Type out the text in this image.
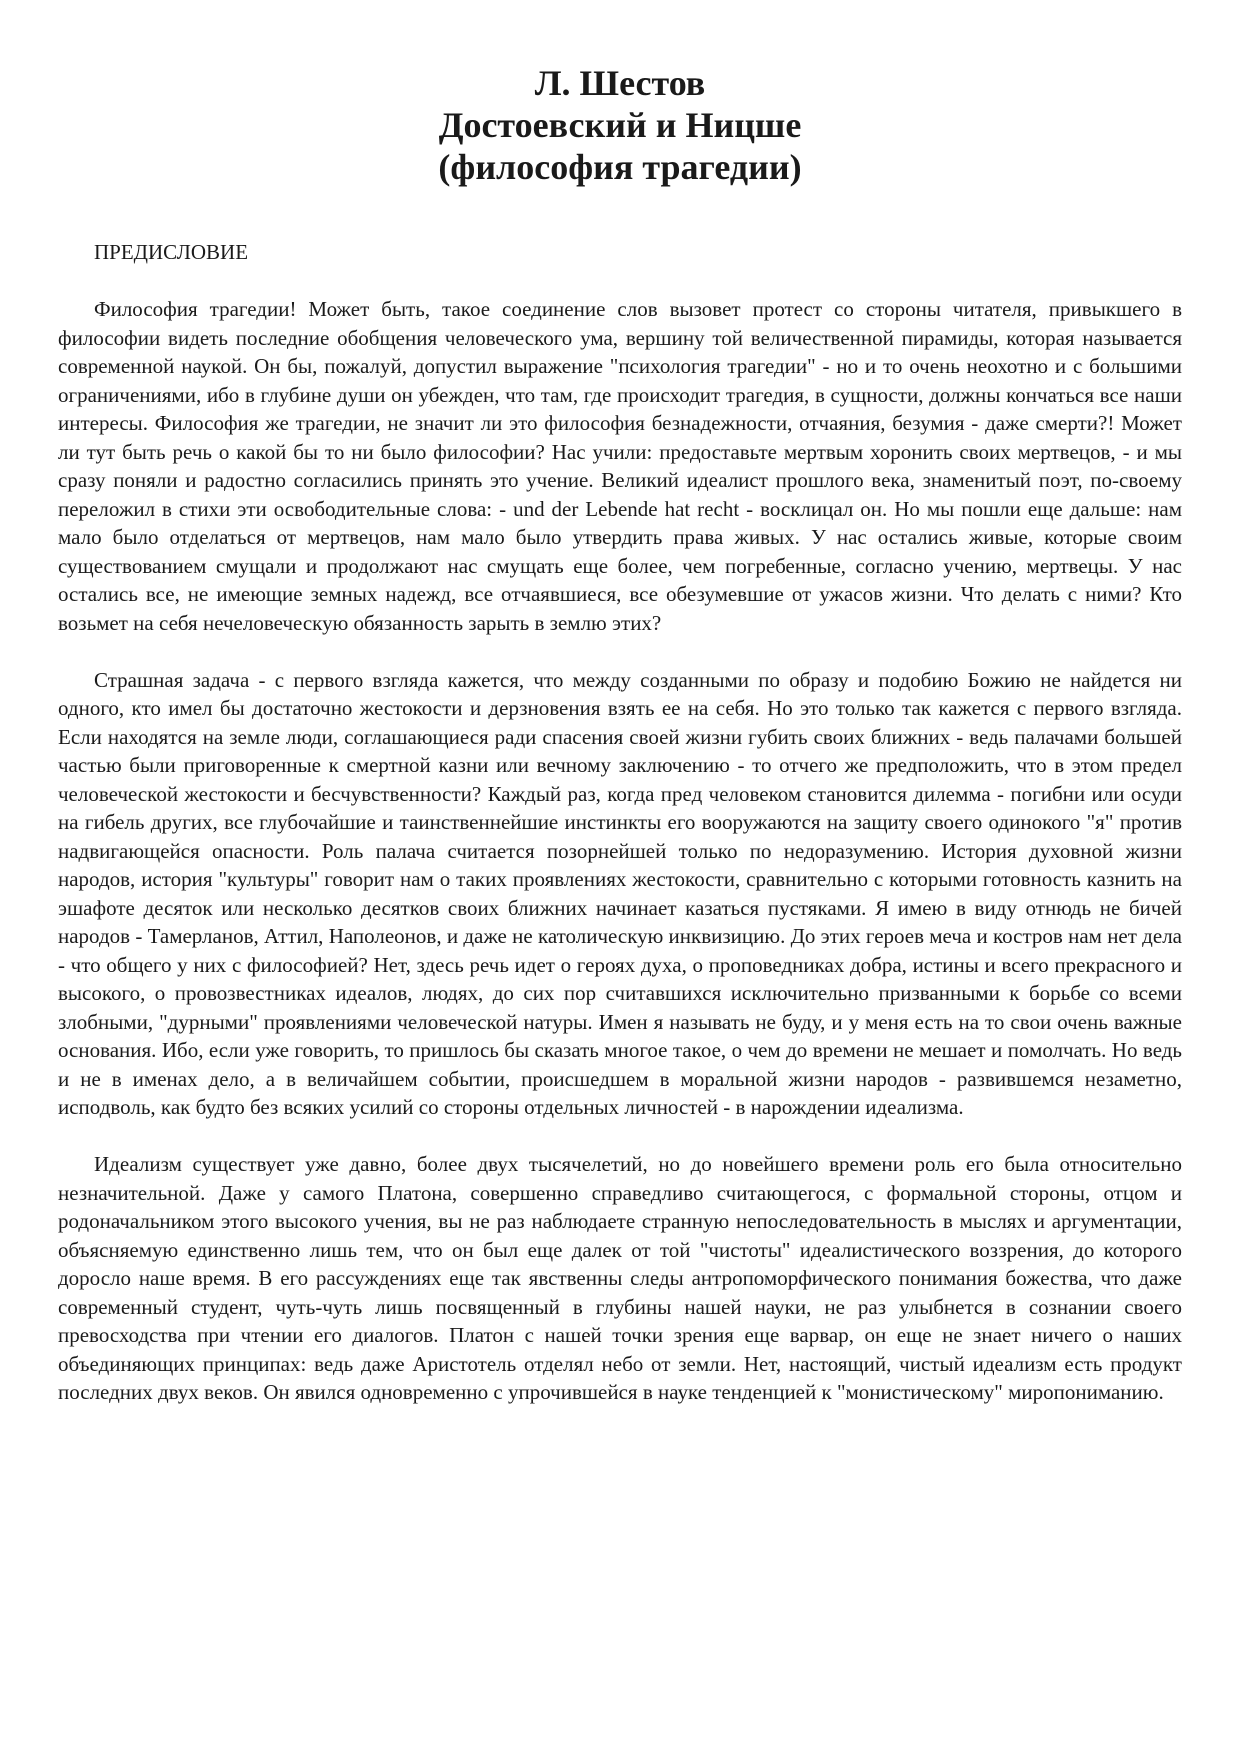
Л. Шестов
Достоевский и Ницше
(философия трагедии)
ПРЕДИСЛОВИЕ

Философия трагедии! Может быть, такое соединение слов вызовет протест со стороны читателя, привыкшего в философии видеть последние обобщения человеческого ума, вершину той величественной пирамиды, которая называется современной наукой. Он бы, пожалуй, допустил выражение "психология трагедии" - но и то очень неохотно и с большими ограничениями, ибо в глубине души он убежден, что там, где происходит трагедия, в сущности, должны кончаться все наши интересы. Философия же трагедии, не значит ли это философия безнадежности, отчаяния, безумия - даже смерти?! Может ли тут быть речь о какой бы то ни было философии? Нас учили: предоставьте мертвым хоронить своих мертвецов, - и мы сразу поняли и радостно согласились принять это учение. Великий идеалист прошлого века, знаменитый поэт, по-своему переложил в стихи эти освободительные слова: - und der Lebende hat recht - восклицал он. Но мы пошли еще дальше: нам мало было отделаться от мертвецов, нам мало было утвердить права живых. У нас остались живые, которые своим существованием смущали и продолжают нас смущать еще более, чем погребенные, согласно учению, мертвецы. У нас остались все, не имеющие земных надежд, все отчаявшиеся, все обезумевшие от ужасов жизни. Что делать с ними? Кто возьмет на себя нечеловеческую обязанность зарыть в землю этих?

Страшная задача - с первого взгляда кажется, что между созданными по образу и подобию Божию не найдется ни одного, кто имел бы достаточно жестокости и дерзновения взять ее на себя. Но это только так кажется с первого взгляда. Если находятся на земле люди, соглашающиеся ради спасения своей жизни губить своих ближних - ведь палачами большей частью были приговоренные к смертной казни или вечному заключению - то отчего же предположить, что в этом предел человеческой жестокости и бесчувственности? Каждый раз, когда пред человеком становится дилемма - погибни или осуди на гибель других, все глубочайшие и таинственнейшие инстинкты его вооружаются на защиту своего одинокого "я" против надвигающейся опасности. Роль палача считается позорнейшей только по недоразумению. История духовной жизни народов, история "культуры" говорит нам о таких проявлениях жестокости, сравнительно с которыми готовность казнить на эшафоте десяток или несколько десятков своих ближних начинает казаться пустяками. Я имею в виду отнюдь не бичей народов - Тамерланов, Аттил, Наполеонов, и даже не католическую инквизицию. До этих героев меча и костров нам нет дела - что общего у них с философией? Нет, здесь речь идет о героях духа, о проповедниках добра, истины и всего прекрасного и высокого, о провозвестниках идеалов, людях, до сих пор считавшихся исключительно призванными к борьбе со всеми злобными, "дурными" проявлениями человеческой натуры. Имен я называть не буду, и у меня есть на то свои очень важные основания. Ибо, если уже говорить, то пришлось бы сказать многое такое, о чем до времени не мешает и помолчать. Но ведь и не в именах дело, а в величайшем событии, происшедшем в моральной жизни народов - развившемся незаметно, исподволь, как будто без всяких усилий со стороны отдельных личностей - в нарождении идеализма.

Идеализм существует уже давно, более двух тысячелетий, но до новейшего времени роль его была относительно незначительной. Даже у самого Платона, совершенно справедливо считающегося, с формальной стороны, отцом и родоначальником этого высокого учения, вы не раз наблюдаете странную непоследовательность в мыслях и аргументации, объясняемую единственно лишь тем, что он был еще далек от той "чистоты" идеалистического воззрения, до которого доросло наше время. В его рассуждениях еще так явственны следы антропоморфического понимания божества, что даже современный студент, чуть-чуть лишь посвященный в глубины нашей науки, не раз улыбнется в сознании своего превосходства при чтении его диалогов. Платон с нашей точки зрения еще варвар, он еще не знает ничего о наших объединяющих принципах: ведь даже Аристотель отделял небо от земли. Нет, настоящий, чистый идеализм есть продукт последних двух веков. Он явился одновременно с упрочившейся в науке тенденцией к "монистическому" миропониманию.
